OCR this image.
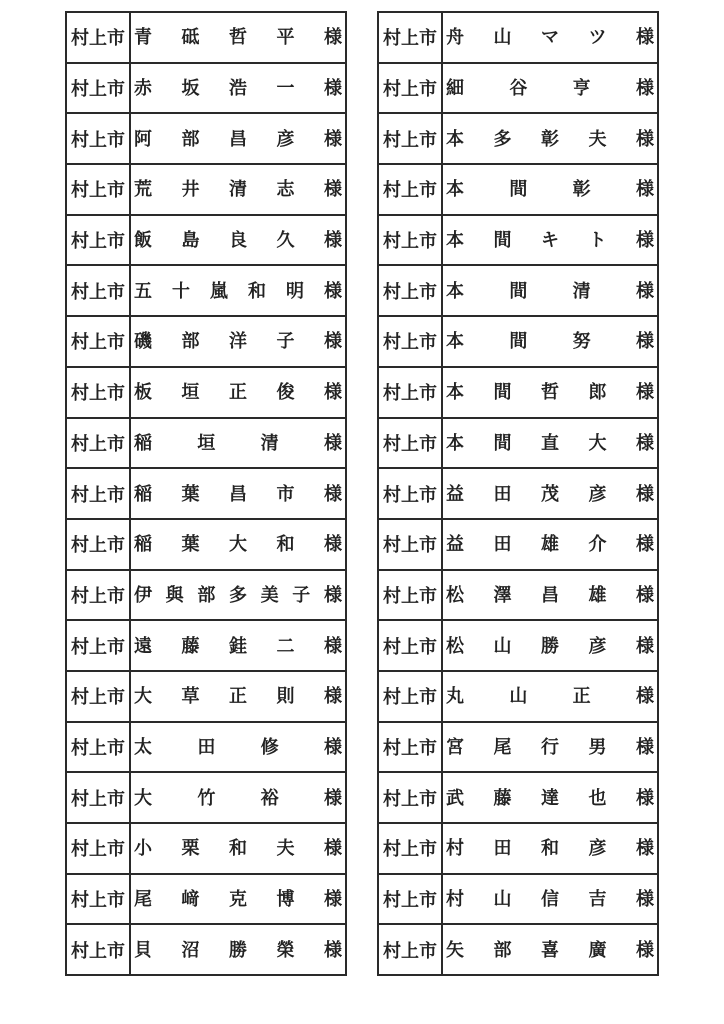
村上市 青 砥 哲 平 様
村上市 赤 坂 浩 一 様
村上市 阿 部 昌 彦 様
村上市 荒 井 清 志 様
村上市 飯 島 良 久 様
村上市 五 十 嵐 和 明 様
村上市 磯 部 洋 子 様
村上市 板 垣 正 俊 様
村上市 稲	垣	清	様
村上市 稲 葉 昌 市 様
村上市 稲 葉 大 和 様
村上市 伊 與 部 多 美 子 様
村上市 遠 藤 銈 二 様
村上市 大 草 正 則 様
村上市 太	田	修	様
村上市 大	竹	裕	様
村上市 小 栗 和 夫 様
村上市 尾 﨑 克 博 様
村上市 貝 沼 勝 榮 様
村上市 舟 山 マ ツ 様
村上市 細	谷	亨	様
村上市 本 多 彰 夫 様
村上市 本	間	彰	様
村上市 本 間 キ ト 様
村上市 本	間	清	様
村上市 本	間	努	様
村上市 本 間 哲 郎 様
村上市 本 間 直 大 様
村上市 益 田 茂 彦 様
村上市 益 田 雄 介 様
村上市 松 澤 昌 雄 様
村上市 松 山 勝 彦 様
村上市 丸	山	正	様
村上市 宮 尾 行 男 様
村上市 武 藤 達 也 様
村上市 村 田 和 彦 様
村上市 村 山 信 吉 様
村上市 矢 部 喜 廣 様
